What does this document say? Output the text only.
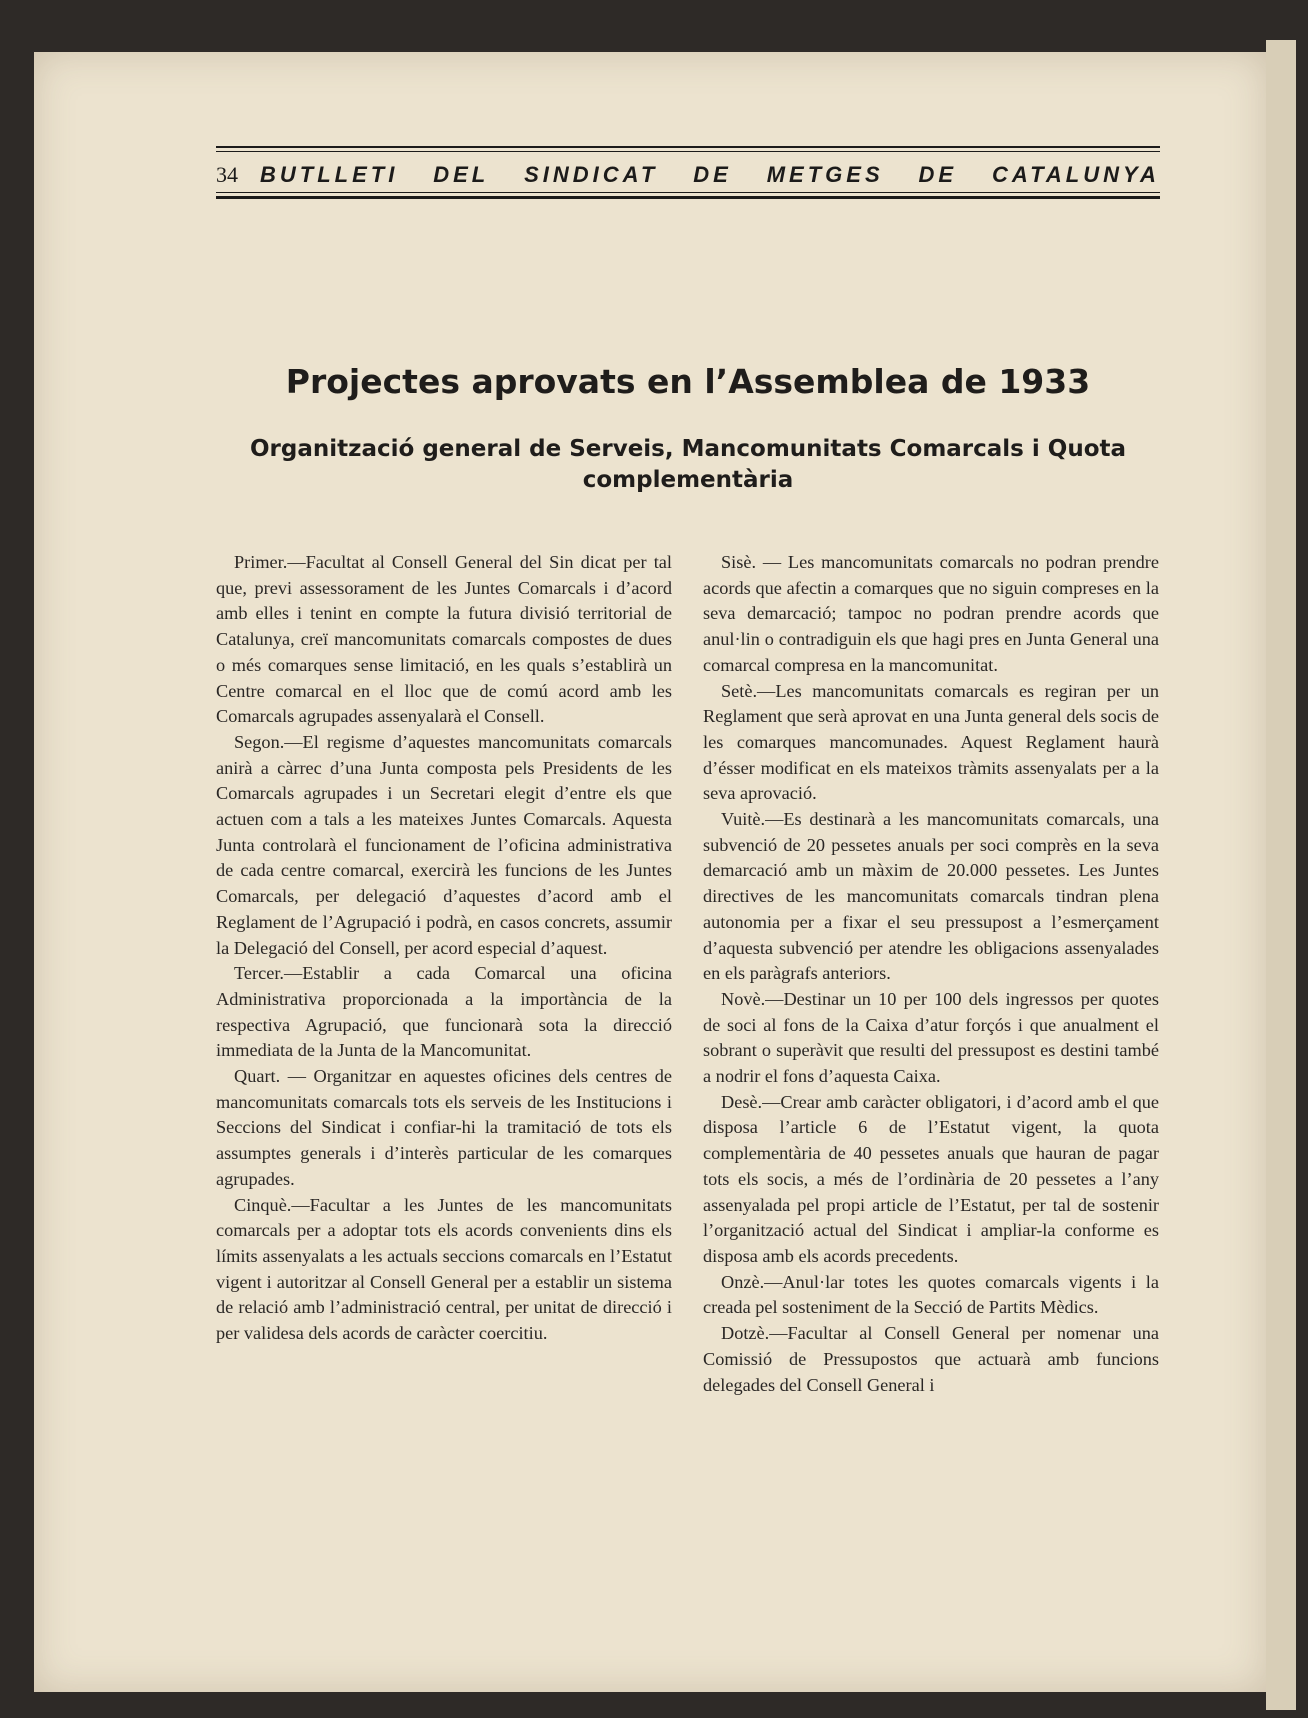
34 BUTLLETI DEL SINDICAT DE METGES DE CATALUNYA
Projectes aprovats en l’Assemblea de 1933
Organització general de Serveis, Mancomunitats Comarcals i Quota complementària

Primer.—Facultat al Consell General del Sin dicat per tal que, previ assessorament de les Juntes Comarcals i d’acord amb elles i tenint en compte la futura divisió territorial de Catalunya, creï mancomunitats comarcals compostes de dues o més comarques sense limitació, en les quals s’establirà un Centre comarcal en el lloc que de comú acord amb les Comarcals agrupades assenyalarà el Consell.

Segon.—El regisme d’aquestes mancomunitats comarcals anirà a càrrec d’una Junta composta pels Presidents de les Comarcals agrupades i un Secretari elegit d’entre els que actuen com a tals a les mateixes Juntes Comarcals. Aquesta Junta controlarà el funcionament de l’oficina administrativa de cada centre comarcal, exercirà les funcions de les Juntes Comarcals, per delegació d’aquestes d’acord amb el Reglament de l’Agrupació i podrà, en casos concrets, assumir la Delegació del Consell, per acord especial d’aquest.

Tercer.—Establir a cada Comarcal una oficina Administrativa proporcionada a la importància de la respectiva Agrupació, que funcionarà sota la direcció immediata de la Junta de la Mancomunitat.

Quart. — Organitzar en aquestes oficines dels centres de mancomunitats comarcals tots els serveis de les Institucions i Seccions del Sindicat i confiar-hi la tramitació de tots els assumptes generals i d’interès particular de les comarques agrupades.

Cinquè.—Facultar a les Juntes de les mancomunitats comarcals per a adoptar tots els acords convenients dins els límits assenyalats a les actuals seccions comarcals en l’Estatut vigent i autoritzar al Consell General per a establir un sistema de relació amb l’administració central, per unitat de direcció i per validesa dels acords de caràcter coercitiu.

Sisè. — Les mancomunitats comarcals no podran prendre acords que afectin a comarques que no siguin compreses en la seva demarcació; tampoc no podran prendre acords que anul·lin o contradiguin els que hagi pres en Junta General una comarcal compresa en la mancomunitat.

Setè.—Les mancomunitats comarcals es regiran per un Reglament que serà aprovat en una Junta general dels socis de les comarques mancomunades. Aquest Reglament haurà d’ésser modificat en els mateixos tràmits assenyalats per a la seva aprovació.

Vuitè.—Es destinarà a les mancomunitats comarcals, una subvenció de 20 pessetes anuals per soci comprès en la seva demarcació amb un màxim de 20.000 pessetes. Les Juntes directives de les mancomunitats comarcals tindran plena autonomia per a fixar el seu pressupost a l’esmerçament d’aquesta subvenció per atendre les obligacions assenyalades en els paràgrafs anteriors.

Novè.—Destinar un 10 per 100 dels ingressos per quotes de soci al fons de la Caixa d’atur forçós i que anualment el sobrant o superàvit que resulti del pressupost es destini també a nodrir el fons d’aquesta Caixa.

Desè.—Crear amb caràcter obligatori, i d’acord amb el que disposa l’article 6 de l’Estatut vigent, la quota complementària de 40 pessetes anuals que hauran de pagar tots els socis, a més de l’ordinària de 20 pessetes a l’any assenyalada pel propi article de l’Estatut, per tal de sostenir l’organització actual del Sindicat i ampliar-la conforme es disposa amb els acords precedents.

Onzè.—Anul·lar totes les quotes comarcals vigents i la creada pel sosteniment de la Secció de Partits Mèdics.

Dotzè.—Facultar al Consell General per nomenar una Comissió de Pressupostos que actuarà amb funcions delegades del Consell General i
